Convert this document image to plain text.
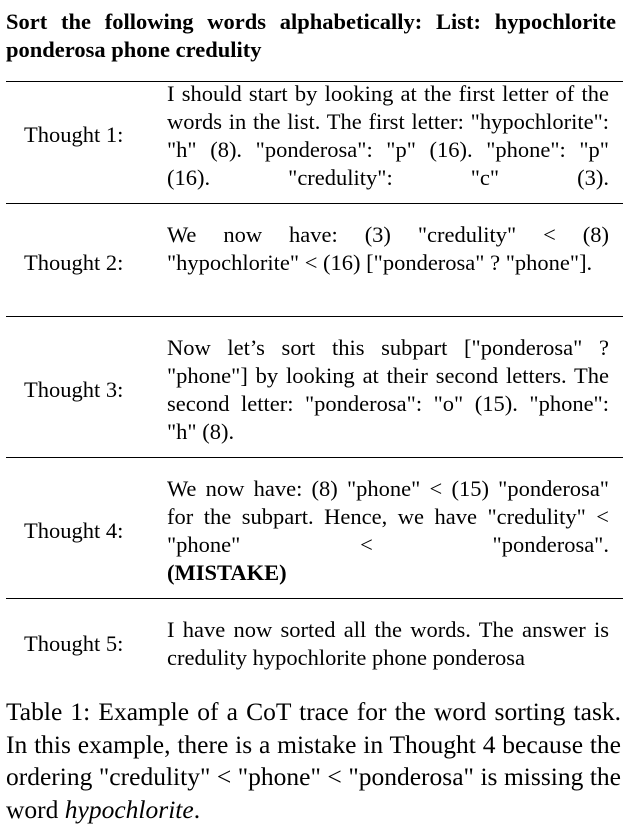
Sort the following words alphabetically: List: hypochlorite ponderosa phone credulity
Thought 1:
I should start by looking at the first letter of the words in the list. The first letter: "hypochlorite": "h" (8). "ponderosa": "p" (16). "phone": "p" (16). "credulity": "c" (3).
Thought 2:
We now have: (3) "credulity" < (8) "hypochlorite" < (16) ["ponderosa" ? "phone"].
Thought 3:
Now let’s sort this subpart ["ponderosa" ? "phone"] by looking at their second letters. The second letter: "ponderosa": "o" (15). "phone": "h" (8).
Thought 4:
We now have: (8) "phone" < (15) "ponderosa" for the subpart. Hence, we have "credulity" < "phone" < "ponderosa".
(MISTAKE)
Thought 5:
I have now sorted all the words. The answer is credulity hypochlorite phone ponderosa
Table 1: Example of a CoT trace for the word sorting task. In this example, there is a mistake in Thought 4 because the ordering "credulity" < "phone" < "ponderosa" is missing the word hypochlorite.
